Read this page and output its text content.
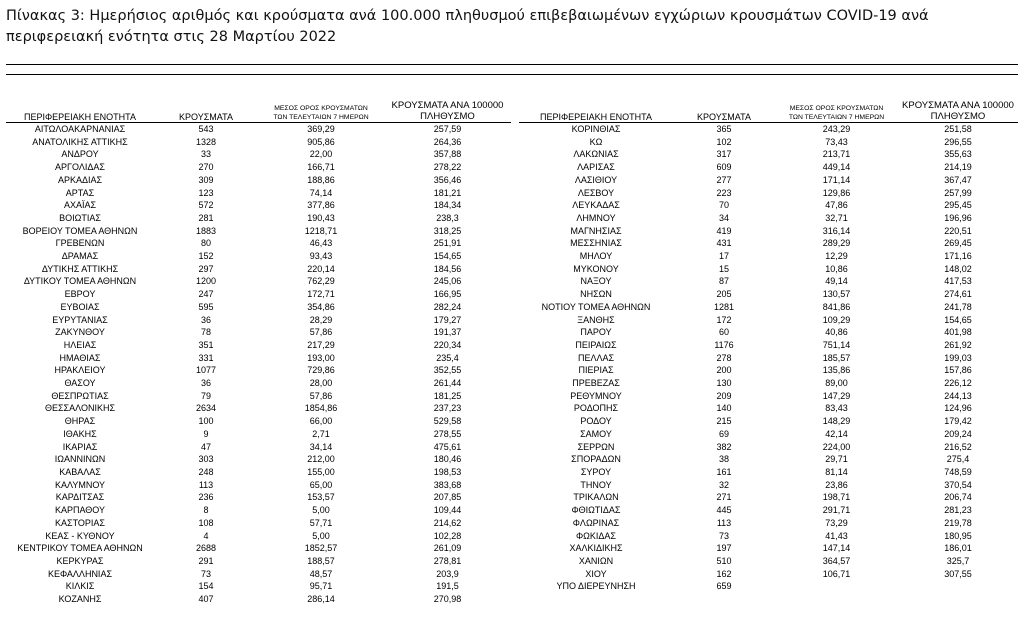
Πίνακας 3: Ημερήσιος αριθμός και κρούσματα ανά 100.000 πληθυσμού επιβεβαιωμένων εγχώριων κρουσμάτων COVID-19 ανά περιφερειακή ενότητα στις 28 Μαρτίου 2022
ΠΕΡΙΦΕΡΕΙΑΚΗ ΕΝΟΤΗΤΑ	ΚΡΟΥΣΜΑΤΑ	ΜΕΣΟΣ ΟΡΟΣ ΚΡΟΥΣΜΑΤΩΝ
ΤΩΝ ΤΕΛΕΥΤΑΙΩΝ 7 ΗΜΕΡΩΝ	ΚΡΟΥΣΜΑΤΑ ΑΝΑ 100000
ΠΛΗΘΥΣΜΟ
ΑΙΤΩΛΟΑΚΑΡΝΑΝΙΑΣ	543	369,29	257,59
ΑΝΑΤΟΛΙΚΗΣ ΑΤΤΙΚΗΣ	1328	905,86	264,36
ΑΝΔΡΟΥ	33	22,00	357,88
ΑΡΓΟΛΙΔΑΣ	270	166,71	278,22
ΑΡΚΑΔΙΑΣ	309	188,86	356,46
ΑΡΤΑΣ	123	74,14	181,21
ΑΧΑΪΑΣ	572	377,86	184,34
ΒΟΙΩΤΙΑΣ	281	190,43	238,3
ΒΟΡΕΙΟΥ ΤΟΜΕΑ ΑΘΗΝΩΝ	1883	1218,71	318,25
ΓΡΕΒΕΝΩΝ	80	46,43	251,91
ΔΡΑΜΑΣ	152	93,43	154,65
ΔΥΤΙΚΗΣ ΑΤΤΙΚΗΣ	297	220,14	184,56
ΔΥΤΙΚΟΥ ΤΟΜΕΑ ΑΘΗΝΩΝ	1200	762,29	245,06
ΕΒΡΟΥ	247	172,71	166,95
ΕΥΒΟΙΑΣ	595	354,86	282,24
ΕΥΡΥΤΑΝΙΑΣ	36	28,29	179,27
ΖΑΚΥΝΘΟΥ	78	57,86	191,37
ΗΛΕΙΑΣ	351	217,29	220,34
ΗΜΑΘΙΑΣ	331	193,00	235,4
ΗΡΑΚΛΕΙΟΥ	1077	729,86	352,55
ΘΑΣΟΥ	36	28,00	261,44
ΘΕΣΠΡΩΤΙΑΣ	79	57,86	181,25
ΘΕΣΣΑΛΟΝΙΚΗΣ	2634	1854,86	237,23
ΘΗΡΑΣ	100	66,00	529,58
ΙΘΑΚΗΣ	9	2,71	278,55
ΙΚΑΡΙΑΣ	47	34,14	475,61
ΙΩΑΝΝΙΝΩΝ	303	212,00	180,46
ΚΑΒΑΛΑΣ	248	155,00	198,53
ΚΑΛΥΜΝΟΥ	113	65,00	383,68
ΚΑΡΔΙΤΣΑΣ	236	153,57	207,85
ΚΑΡΠΑΘΟΥ	8	5,00	109,44
ΚΑΣΤΟΡΙΑΣ	108	57,71	214,62
ΚΕΑΣ - ΚΥΘΝΟΥ	4	5,00	102,28
ΚΕΝΤΡΙΚΟΥ ΤΟΜΕΑ ΑΘΗΝΩΝ	2688	1852,57	261,09
ΚΕΡΚΥΡΑΣ	291	188,57	278,81
ΚΕΦΑΛΛΗΝΙΑΣ	73	48,57	203,9
ΚΙΛΚΙΣ	154	95,71	191,5
ΚΟΖΑΝΗΣ	407	286,14	270,98
ΠΕΡΙΦΕΡΕΙΑΚΗ ΕΝΟΤΗΤΑ	ΚΡΟΥΣΜΑΤΑ	ΜΕΣΟΣ ΟΡΟΣ ΚΡΟΥΣΜΑΤΩΝ
ΤΩΝ ΤΕΛΕΥΤΑΙΩΝ 7 ΗΜΕΡΩΝ	ΚΡΟΥΣΜΑΤΑ ΑΝΑ 100000
ΠΛΗΘΥΣΜΟ
ΚΟΡΙΝΘΙΑΣ	365	243,29	251,58
ΚΩ	102	73,43	296,55
ΛΑΚΩΝΙΑΣ	317	213,71	355,63
ΛΑΡΙΣΑΣ	609	449,14	214,19
ΛΑΣΙΘΙΟΥ	277	171,14	367,47
ΛΕΣΒΟΥ	223	129,86	257,99
ΛΕΥΚΑΔΑΣ	70	47,86	295,45
ΛΗΜΝΟΥ	34	32,71	196,96
ΜΑΓΝΗΣΙΑΣ	419	316,14	220,51
ΜΕΣΣΗΝΙΑΣ	431	289,29	269,45
ΜΗΛΟΥ	17	12,29	171,16
ΜΥΚΟΝΟΥ	15	10,86	148,02
ΝΑΞΟΥ	87	49,14	417,53
ΝΗΣΩΝ	205	130,57	274,61
ΝΟΤΙΟΥ ΤΟΜΕΑ ΑΘΗΝΩΝ	1281	841,86	241,78
ΞΑΝΘΗΣ	172	109,29	154,65
ΠΑΡΟΥ	60	40,86	401,98
ΠΕΙΡΑΙΩΣ	1176	751,14	261,92
ΠΕΛΛΑΣ	278	185,57	199,03
ΠΙΕΡΙΑΣ	200	135,86	157,86
ΠΡΕΒΕΖΑΣ	130	89,00	226,12
ΡΕΘΥΜΝΟΥ	209	147,29	244,13
ΡΟΔΟΠΗΣ	140	83,43	124,96
ΡΟΔΟΥ	215	148,29	179,42
ΣΑΜΟΥ	69	42,14	209,24
ΣΕΡΡΩΝ	382	224,00	216,52
ΣΠΟΡΑΔΩΝ	38	29,71	275,4
ΣΥΡΟΥ	161	81,14	748,59
ΤΗΝΟΥ	32	23,86	370,54
ΤΡΙΚΑΛΩΝ	271	198,71	206,74
ΦΘΙΩΤΙΔΑΣ	445	291,71	281,23
ΦΛΩΡΙΝΑΣ	113	73,29	219,78
ΦΩΚΙΔΑΣ	73	41,43	180,95
ΧΑΛΚΙΔΙΚΗΣ	197	147,14	186,01
ΧΑΝΙΩΝ	510	364,57	325,7
ΧΙΟΥ	162	106,71	307,55
ΥΠΟ ΔΙΕΡΕΥΝΗΣΗ	659		
